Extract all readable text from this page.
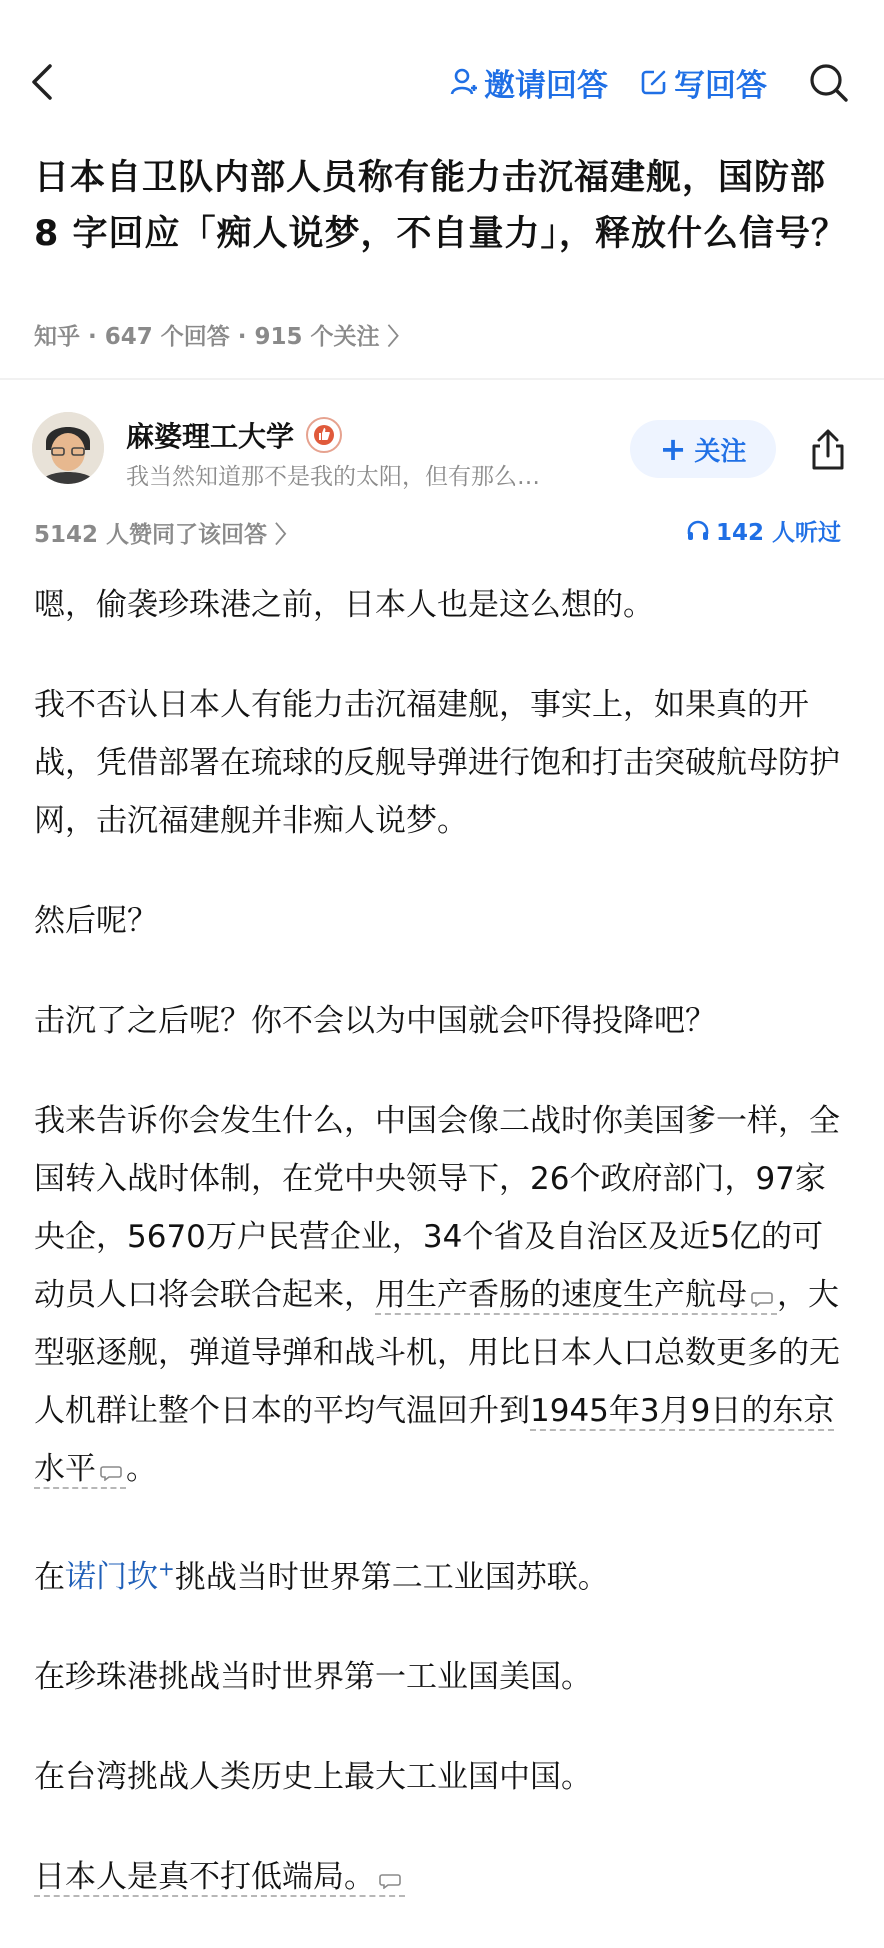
邀请回答 写回答
日本自卫队内部人员称有能力击沉福建舰，国防部 8 字回应「痴人说梦，不自量力」，释放什么信号？
知乎 · 647 个回答 · 915 个关注 〉
麻婆理工大学
我当然知道那不是我的太阳，但有那么…
+ 关注
5142 人赞同了该回答 〉	142 人听过

嗯，偷袭珍珠港之前，日本人也是这么想的。

我不否认日本人有能力击沉福建舰，事实上，如果真的开战，凭借部署在琉球的反舰导弹进行饱和打击突破航母防护网，击沉福建舰并非痴人说梦。

然后呢？

击沉了之后呢？你不会以为中国就会吓得投降吧？

我来告诉你会发生什么，中国会像二战时你美国爹一样，全国转入战时体制，在党中央领导下，26个政府部门，97家央企，5670万户民营企业，34个省及自治区及近5亿的可动员人口将会联合起来，用生产香肠的速度生产航母 ，大型驱逐舰，弹道导弹和战斗机，用比日本人口总数更多的无人机群让整个日本的平均气温回升到1945年3月9日的东京水平 。

在诺门坎+挑战当时世界第二工业国苏联。

在珍珠港挑战当时世界第一工业国美国。

在台湾挑战人类历史上最大工业国中国。

日本人是真不打低端局。
